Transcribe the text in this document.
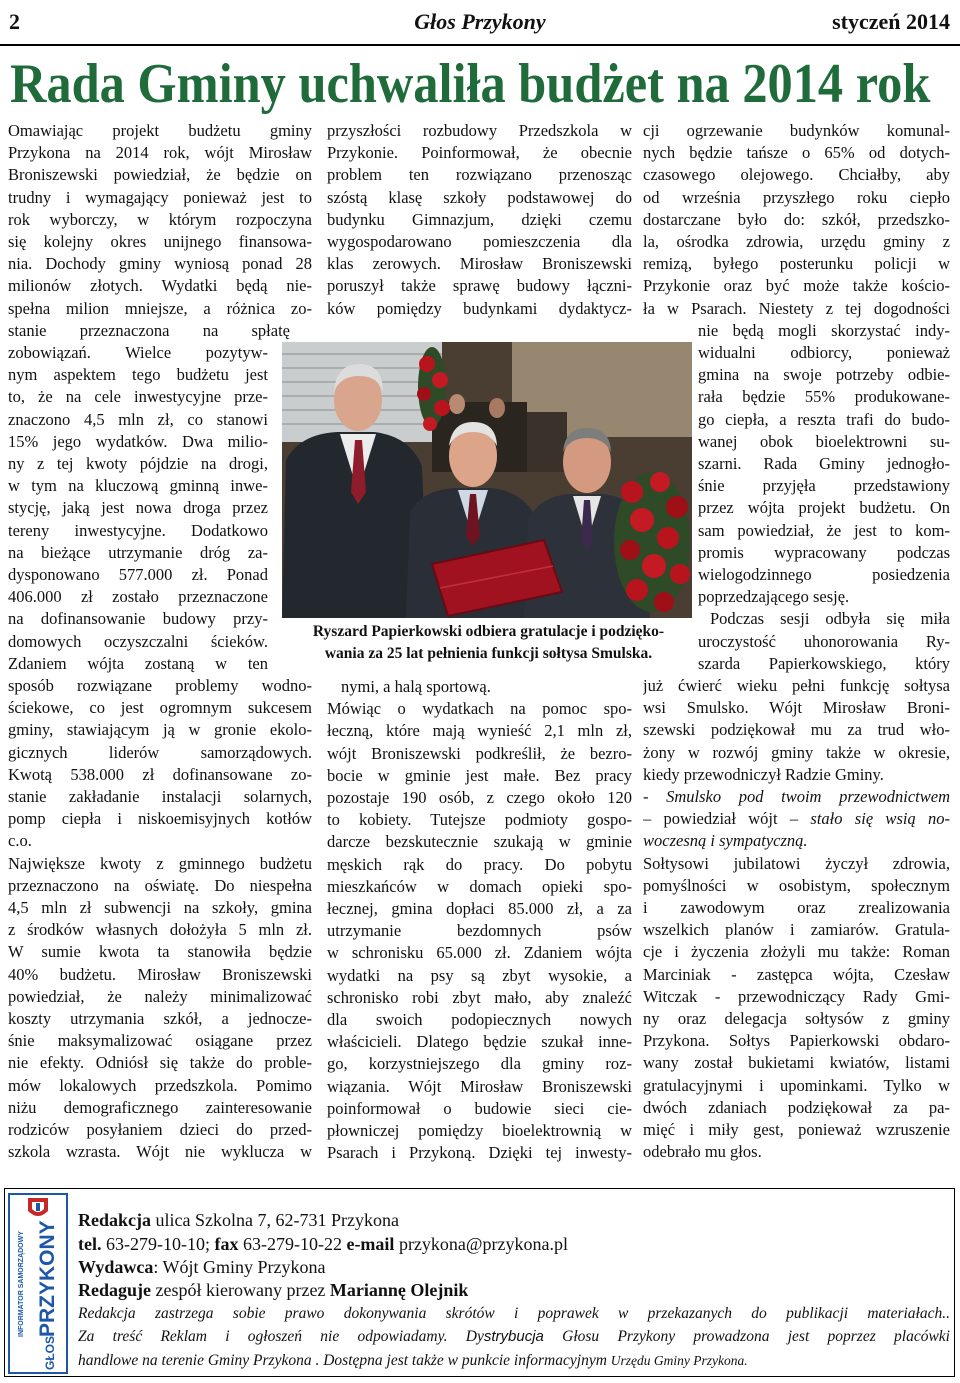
2	Głos Przykony	styczeń 2014
Rada Gminy uchwaliła budżet na 2014 rok
Omawiając projekt budżetu gminy
Przykona na 2014 rok, wójt Mirosław
Broniszewski powiedział, że będzie on
trudny i wymagający ponieważ jest to
rok wyborczy, w którym rozpoczyna
się kolejny okres unijnego finansowa-
nia. Dochody gminy wyniosą ponad 28
milionów złotych. Wydatki będą nie-
spełna milion mniejsze, a różnica zo-
stanie przeznaczona na spłatę
zobowiązań. Wielce pozytyw-
nym aspektem tego budżetu jest
to, że na cele inwestycyjne prze-
znaczono 4,5 mln zł, co stanowi
15% jego wydatków. Dwa milio-
ny z tej kwoty pójdzie na drogi,
w tym na kluczową gminną inwe-
stycję, jaką jest nowa droga przez
tereny inwestycyjne. Dodatkowo
na bieżące utrzymanie dróg za-
dysponowano 577.000 zł. Ponad
406.000 zł zostało przeznaczone
na dofinansowanie budowy przy-
domowych oczyszczalni ścieków.
Zdaniem wójta zostaną w ten
sposób rozwiązane problemy wodno-
ściekowe, co jest ogromnym sukcesem
gminy, stawiającym ją w gronie ekolo-
gicznych liderów samorządowych.
Kwotą 538.000 zł dofinansowane zo-
stanie zakładanie instalacji solarnych,
pomp ciepła i niskoemisyjnych kotłów
c.o.
Największe kwoty z gminnego budżetu
przeznaczono na oświatę. Do niespełna
4,5 mln zł subwencji na szkoły, gmina
z środków własnych dołożyła 5 mln zł.
W sumie kwota ta stanowiła będzie
40% budżetu. Mirosław Broniszewski
powiedział, że należy minimalizować
koszty utrzymania szkół, a jednocze-
śnie maksymalizować osiągane przez
nie efekty. Odniósł się także do proble-
mów lokalowych przedszkola. Pomimo
niżu demograficznego zainteresowanie
rodziców posyłaniem dzieci do przed-
szkola wzrasta. Wójt nie wyklucza w
przyszłości rozbudowy Przedszkola w
Przykonie. Poinformował, że obecnie
problem ten rozwiązano przenosząc
szóstą klasę szkoły podstawowej do
budynku Gimnazjum, dzięki czemu
wygospodarowano pomieszczenia dla
klas zerowych. Mirosław Broniszewski
poruszył także sprawę budowy łączni-
ków pomiędzy budynkami dydaktycz-
nymi, a halą sportową.
Mówiąc o wydatkach na pomoc spo-
łeczną, które mają wynieść 2,1 mln zł,
wójt Broniszewski podkreślił, że bezro-
bocie w gminie jest małe. Bez pracy
pozostaje 190 osób, z czego około 120
to kobiety. Tutejsze podmioty gospo-
darcze bezskutecznie szukają w gminie
męskich rąk do pracy. Do pobytu
mieszkańców w domach opieki spo-
łecznej, gmina dopłaci 85.000 zł, a za
utrzymanie bezdomnych psów
w schronisku 65.000 zł. Zdaniem wójta
wydatki na psy są zbyt wysokie, a
schronisko robi zbyt mało, aby znaleźć
dla swoich podopiecznych nowych
właścicieli. Dlatego będzie szukał inne-
go, korzystniejszego dla gminy roz-
wiązania. Wójt Mirosław Broniszewski
poinformował o budowie sieci cie-
płowniczej pomiędzy bioelektrownią w
Psarach i Przykoną. Dzięki tej inwesty-
cji ogrzewanie budynków komunal-
nych będzie tańsze o 65% od dotych-
czasowego olejowego. Chciałby, aby
od września przyszłego roku ciepło
dostarczane było do: szkół, przedszko-
la, ośrodka zdrowia, urzędu gminy z
remizą, byłego posterunku policji w
Przykonie oraz być może także kościo-
ła w Psarach. Niestety z tej dogodności
nie będą mogli skorzystać indy-
widualni odbiorcy, ponieważ
gmina na swoje potrzeby odbie-
rała będzie 55% produkowane-
go ciepła, a reszta trafi do budo-
wanej obok bioelektrowni su-
szarni. Rada Gminy jednogło-
śnie przyjęła przedstawiony
przez wójta projekt budżetu. On
sam powiedział, że jest to kom-
promis wypracowany podczas
wielogodzinnego posiedzenia
poprzedzającego sesję.
Podczas sesji odbyła się miła
uroczystość uhonorowania Ry-
szarda Papierkowskiego, który
już ćwierć wieku pełni funkcję sołtysa
wsi Smulsko. Wójt Mirosław Broni-
szewski podziękował mu za trud wło-
żony w rozwój gminy także w okresie,
kiedy przewodniczył Radzie Gminy.
- Smulsko pod twoim przewodnictwem
– powiedział wójt – stało się wsią no-
woczesną i sympatyczną.
Sołtysowi jubilatowi życzył zdrowia,
pomyślności w osobistym, społecznym
i zawodowym oraz zrealizowania
wszelkich planów i zamiarów. Gratula-
cje i życzenia złożyli mu także: Roman
Marciniak - zastępca wójta, Czesław
Witczak - przewodniczący Rady Gmi-
ny oraz delegacja sołtysów z gminy
Przykona. Sołtys Papierkowski obdaro-
wany został bukietami kwiatów, listami
gratulacyjnymi i upominkami. Tylko w
dwóch zdaniach podziękował za pa-
mięć i miły gest, ponieważ wzruszenie
odebrało mu głos.
Ryszard Papierkowski odbiera gratulacje i podzięko-
wania za 25 lat pełnienia funkcji sołtysa Smulska.
INFORMATOR SAMORZĄDOWY PRZYKONY
GŁOS
Redakcja ulica Szkolna 7, 62-731 Przykona
tel. 63-279-10-10; fax 63-279-10-22 e-mail przykona@przykona.pl
Wydawca: Wójt Gminy Przykona
Redaguje zespół kierowany przez Mariannę Olejnik
Redakcja zastrzega sobie prawo dokonywania skrótów i poprawek w przekazanych do publikacji materiałach..
Za treść Reklam i ogłoszeń nie odpowiadamy. Dystrybucja Głosu Przykony prowadzona jest poprzez placówki
handlowe na terenie Gminy Przykona . Dostępna jest także w punkcie informacyjnym Urzędu Gminy Przykona.
